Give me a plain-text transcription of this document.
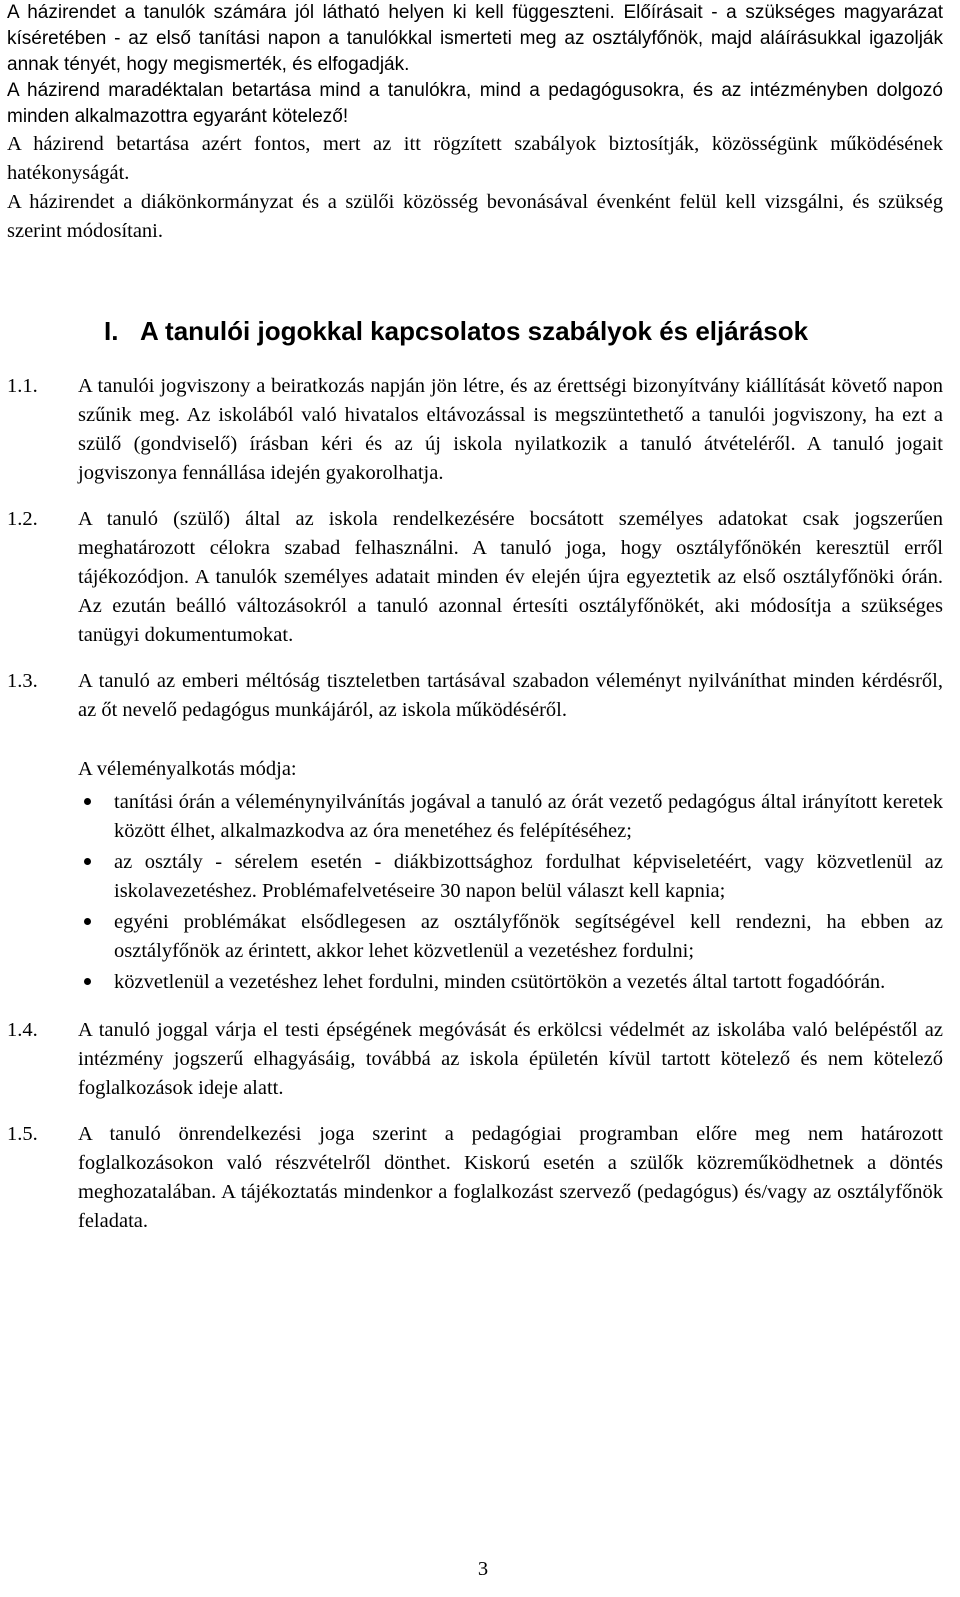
A házirendet a tanulók számára jól látható helyen ki kell függeszteni. Előírásait - a szükséges magyarázat kíséretében - az első tanítási napon a tanulókkal ismerteti meg az osztályfőnök, majd aláírásukkal igazolják annak tényét, hogy megismerték, és elfogadják.

A házirend maradéktalan betartása mind a tanulókra, mind a pedagógusokra, és az intézményben dolgozó minden alkalmazottra egyaránt kötelező!

A házirend betartása azért fontos, mert az itt rögzített szabályok biztosítják, közösségünk működésének hatékonyságát.

A házirendet a diákönkormányzat és a szülői közösség bevonásával évenként felül kell vizsgálni, és szükség szerint módosítani.

I. A tanulói jogokkal kapcsolatos szabályok és eljárások
1.1.	A tanulói jogviszony a beiratkozás napján jön létre, és az érettségi bizonyítvány kiállítását követő napon szűnik meg. Az iskolából való hivatalos eltávozással is megszüntethető a tanulói jogviszony, ha ezt a szülő (gondviselő) írásban kéri és az új iskola nyilatkozik a tanuló átvételéről. A tanuló jogait jogviszonya fennállása idején gyakorolhatja.
1.2.	A tanuló (szülő) által az iskola rendelkezésére bocsátott személyes adatokat csak jogszerűen meghatározott célokra szabad felhasználni. A tanuló joga, hogy osztályfőnökén keresztül erről tájékozódjon. A tanulók személyes adatait minden év elején újra egyeztetik az első osztályfőnöki órán. Az ezután beálló változásokról a tanuló azonnal értesíti osztályfőnökét, aki módosítja a szükséges tanügyi dokumentumokat.
1.3.	A tanuló az emberi méltóság tiszteletben tartásával szabadon véleményt nyilváníthat minden kérdésről, az őt nevelő pedagógus munkájáról, az iskola működéséről.

A véleményalkotás módja:

tanítási órán a véleménynyilvánítás jogával a tanuló az órát vezető pedagógus által irányított keretek között élhet, alkalmazkodva az óra menetéhez és felépítéséhez;
az osztály - sérelem esetén - diákbizottsághoz fordulhat képviseletéért, vagy közvetlenül az iskolavezetéshez. Problémafelvetéseire 30 napon belül választ kell kapnia;
egyéni problémákat elsődlegesen az osztályfőnök segítségével kell rendezni, ha ebben az osztályfőnök az érintett, akkor lehet közvetlenül a vezetéshez fordulni;
közvetlenül a vezetéshez lehet fordulni, minden csütörtökön a vezetés által tartott fogadóórán.
1.4.	A tanuló joggal várja el testi épségének megóvását és erkölcsi védelmét az iskolába való belépéstől az intézmény jogszerű elhagyásáig, továbbá az iskola épületén kívül tartott kötelező és nem kötelező foglalkozások ideje alatt.
1.5.	A tanuló önrendelkezési joga szerint a pedagógiai programban előre meg nem határozott foglalkozásokon való részvételről dönthet. Kiskorú esetén a szülők közreműködhetnek a döntés meghozatalában. A tájékoztatás mindenkor a foglalkozást szervező (pedagógus) és/vagy az osztályfőnök feladata.
3
